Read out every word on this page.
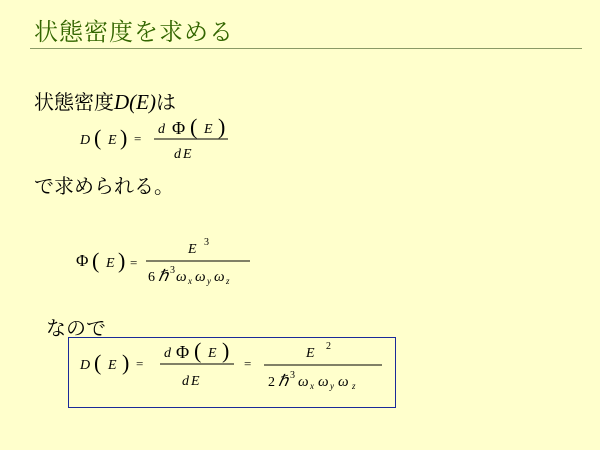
状態密度を求める
状態密度D(E)は
D ( E ) =
d Φ ( E )
d E
で求められる。
Φ ( E ) =
E 3
6 ℏ 3 ω x ω y ω z
なので
D ( E ) =
d Φ ( E )
d E
=
E 2
2 ℏ 3 ω x ω y ω z
